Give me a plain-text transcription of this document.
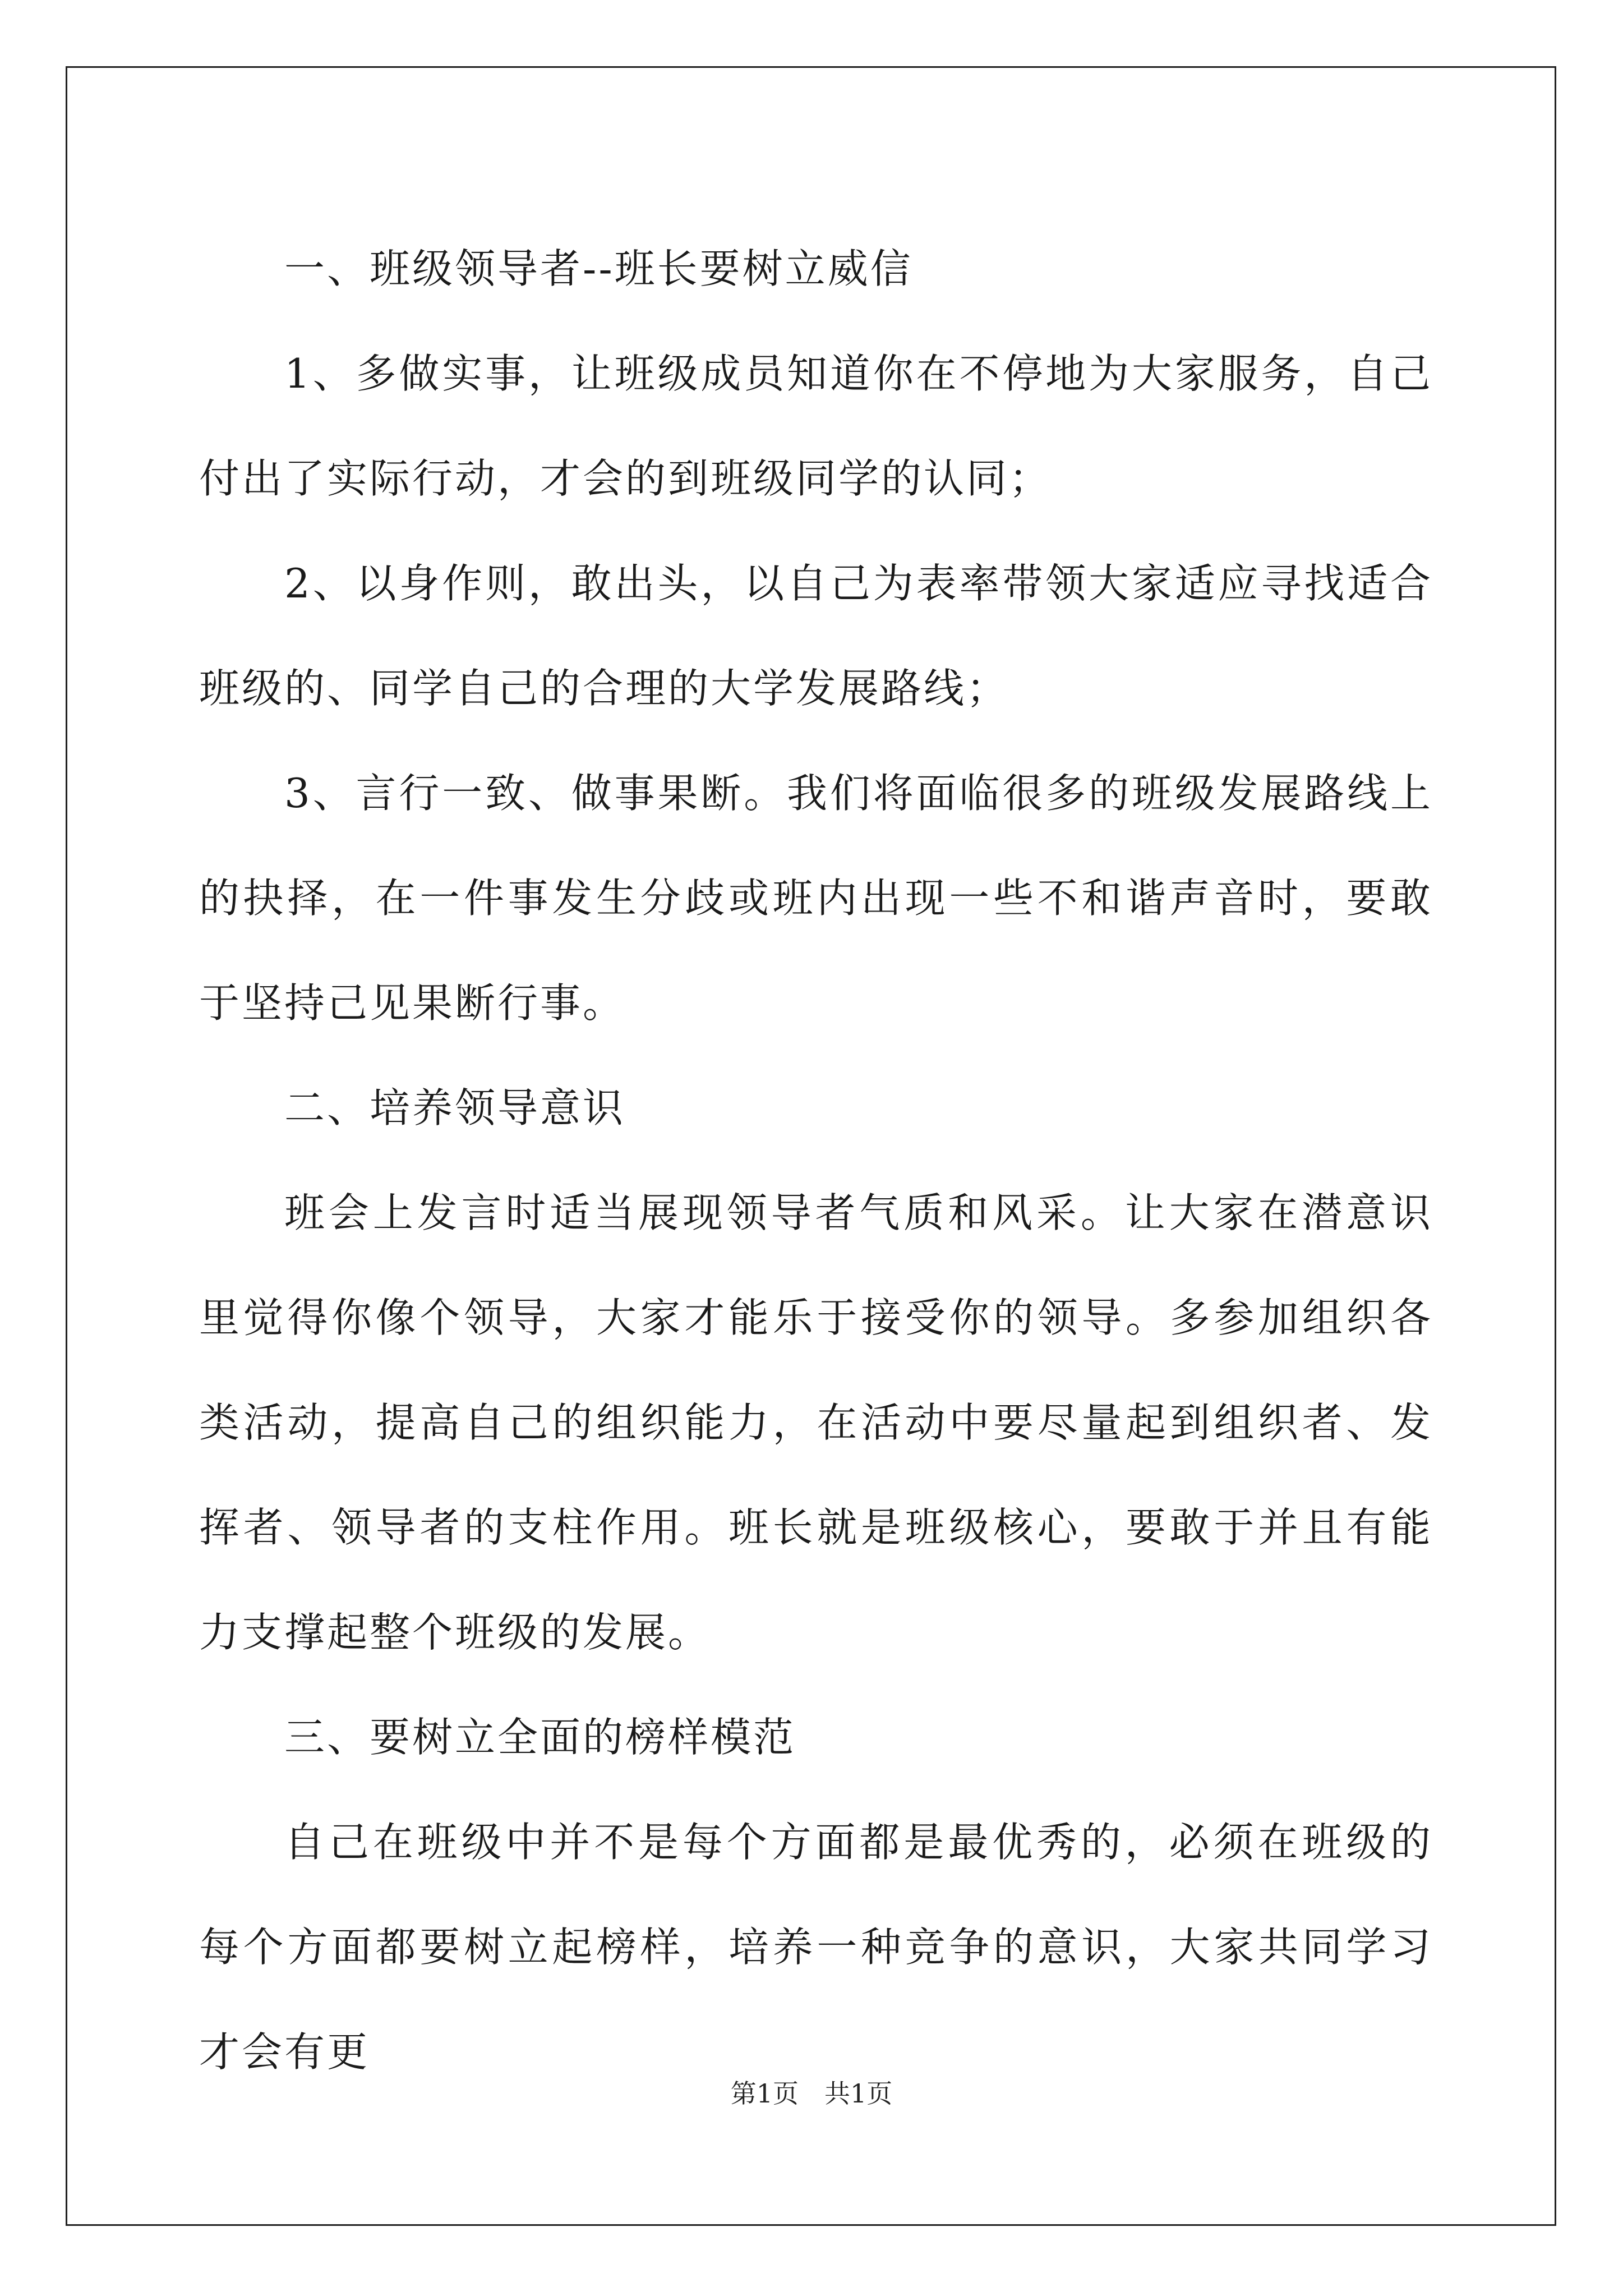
一、班级领导者--班长要树立威信

1、多做实事，让班级成员知道你在不停地为大家服务，自己付出了实际行动，才会的到班级同学的认同；

2、以身作则，敢出头，以自己为表率带领大家适应寻找适合班级的、同学自己的合理的大学发展路线；

3、言行一致、做事果断。我们将面临很多的班级发展路线上的抉择，在一件事发生分歧或班内出现一些不和谐声音时，要敢于坚持己见果断行事。

二、培养领导意识

班会上发言时适当展现领导者气质和风采。让大家在潜意识里觉得你像个领导，大家才能乐于接受你的领导。多参加组织各类活动，提高自己的组织能力，在活动中要尽量起到组织者、发挥者、领导者的支柱作用。班长就是班级核心，要敢于并且有能力支撑起整个班级的发展。

三、要树立全面的榜样模范

自己在班级中并不是每个方面都是最优秀的，必须在班级的每个方面都要树立起榜样，培养一种竞争的意识，大家共同学习才会有更

第1页　共1页
